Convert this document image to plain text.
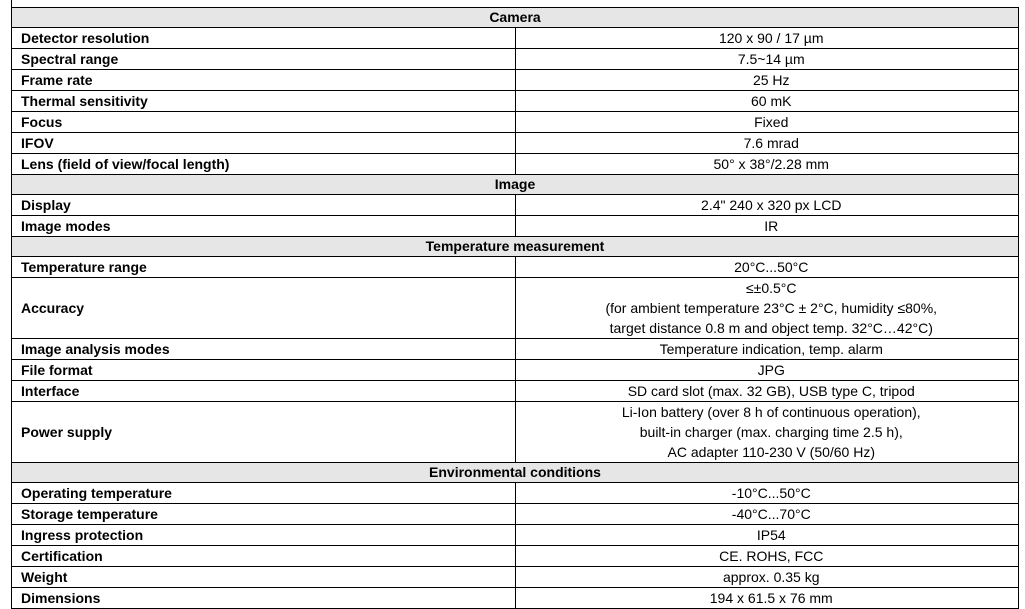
Camera	
Detector resolution	120 x 90 / 17 µm

Spectral range	7.5~14 µm

Frame rate	25 Hz

Thermal sensitivity	60 mK

Focus	Fixed

IFOV	7.6 mrad

Lens (field of view/focal length)	50° x 38°/2.28 mm

Image	
Display	2.4" 240 x 320 px LCD

Image modes	IR

Temperature measurement	
Temperature range	20°C...50°C

Accuracy	≤±0.5°C
(for ambient temperature 23°C ± 2°C, humidity ≤80%,
target distance 0.8 m and object temp. 32°C…42°C)

Image analysis modes	Temperature indication, temp. alarm

File format	JPG

Interface	SD card slot (max. 32 GB), USB type C, tripod

Power supply	Li-Ion battery (over 8 h of continuous operation),
built-in charger (max. charging time 2.5 h),
AC adapter 110-230 V (50/60 Hz)

Environmental conditions	
Operating temperature	-10°C...50°C

Storage temperature	-40°C...70°C

Ingress protection	IP54

Certification	CE. ROHS, FCC

Weight	approx. 0.35 kg

Dimensions	194 x 61.5 x 76 mm
